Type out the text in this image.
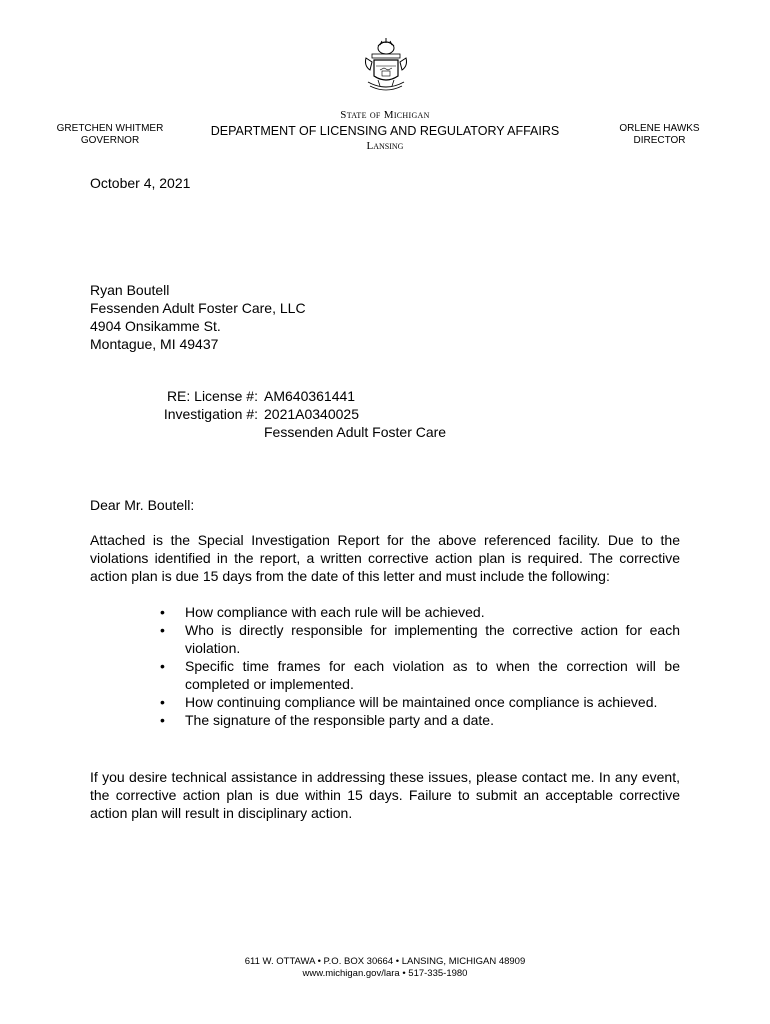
GRETCHEN WHITMER
GOVERNOR
State of Michigan
DEPARTMENT OF LICENSING AND REGULATORY AFFAIRS
Lansing
ORLENE HAWKS
DIRECTOR
October 4, 2021
Ryan Boutell
Fessenden Adult Foster Care, LLC
4904 Onsikamme St.
Montague, MI 49437
RE: License #: AM640361441
Investigation #: 2021A0340025
Fessenden Adult Foster Care
Dear Mr. Boutell:
Attached is the Special Investigation Report for the above referenced facility. Due to the violations identified in the report, a written corrective action plan is required. The corrective action plan is due 15 days from the date of this letter and must include the following:
• How compliance with each rule will be achieved.
• Who is directly responsible for implementing the corrective action for each violation.
• Specific time frames for each violation as to when the correction will be completed or implemented.
• How continuing compliance will be maintained once compliance is achieved.
• The signature of the responsible party and a date.
If you desire technical assistance in addressing these issues, please contact me. In any event, the corrective action plan is due within 15 days. Failure to submit an acceptable corrective action plan will result in disciplinary action.
611 W. OTTAWA • P.O. BOX 30664 • LANSING, MICHIGAN 48909
www.michigan.gov/lara • 517-335-1980
